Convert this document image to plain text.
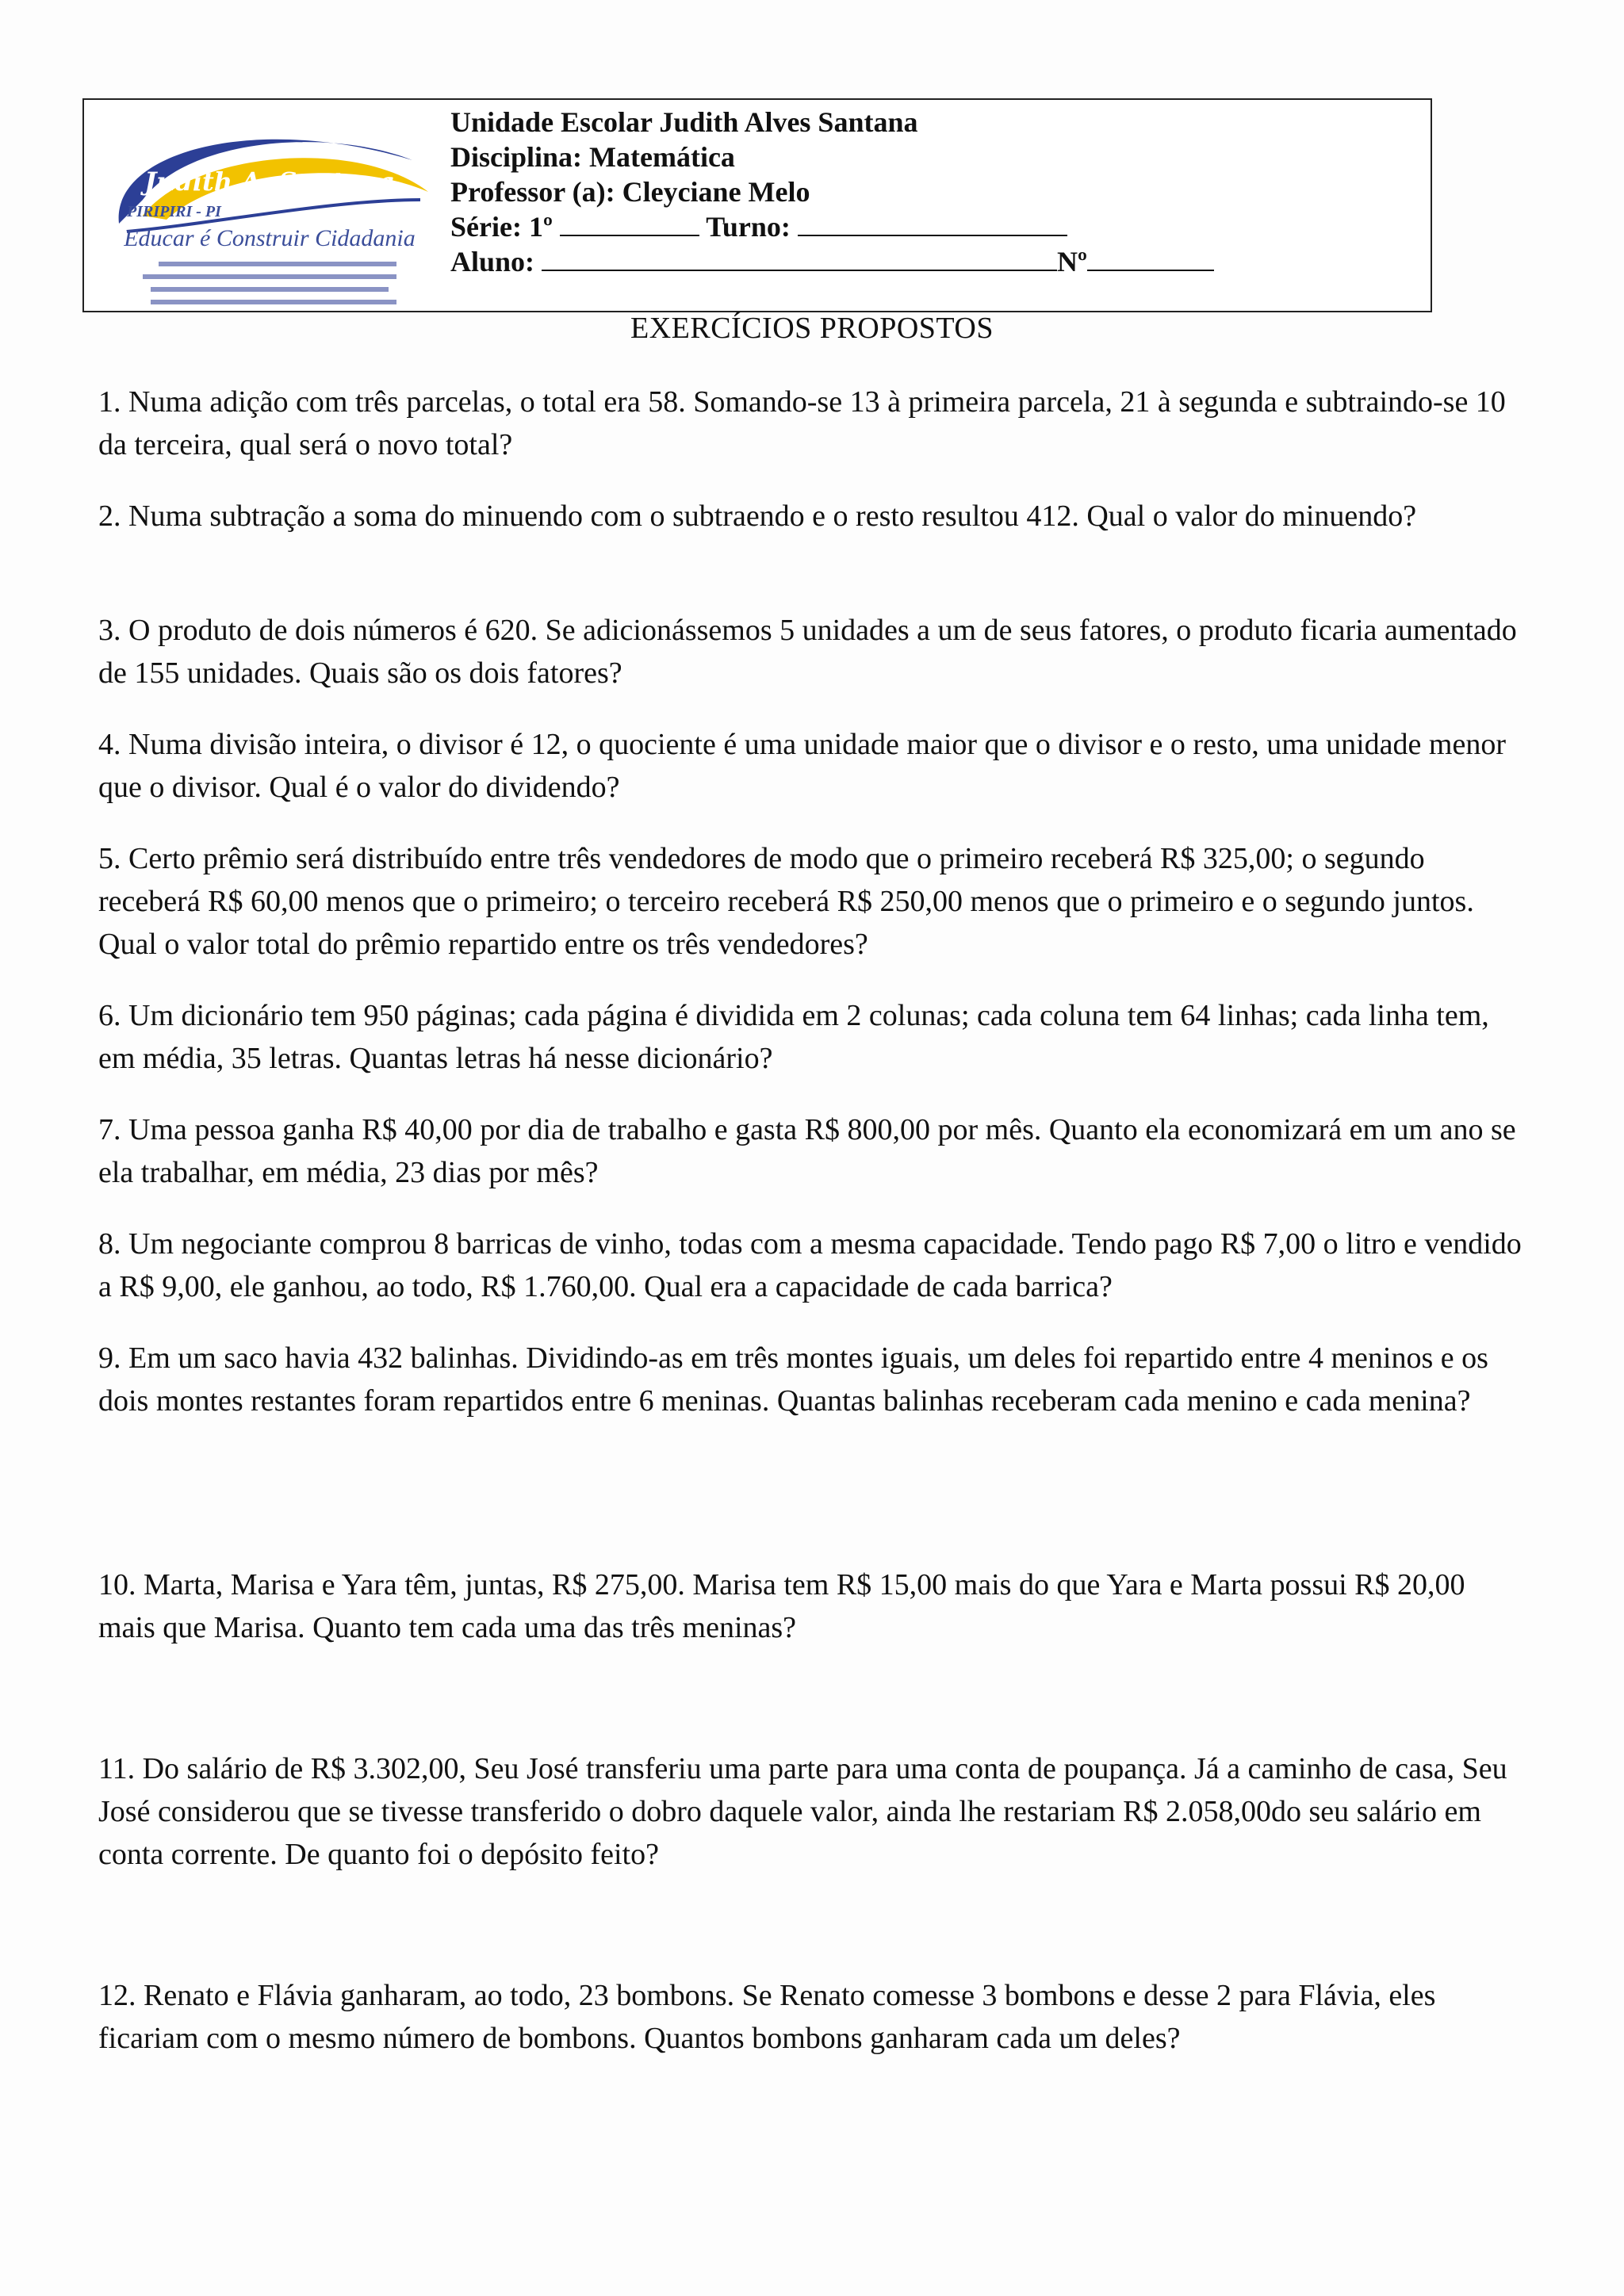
Judith A. Santana
PIRIPIRI - PI
Educar é Construir Cidadania
Unidade Escolar Judith Alves Santana
Disciplina: Matemática
Professor (a): Cleyciane Melo
Série: 1º	Turno:
Aluno:	Nº
EXERCÍCIOS PROPOSTOS
1. Numa adição com três parcelas, o total era 58. Somando-se 13 à primeira parcela, 21 à segunda e subtraindo-se 10 da terceira, qual será o novo total?
2. Numa subtração a soma do minuendo com o subtraendo e o resto resultou 412. Qual o valor do minuendo?
3. O produto de dois números é 620. Se adicionássemos 5 unidades a um de seus fatores, o produto ficaria aumentado de 155 unidades. Quais são os dois fatores?
4. Numa divisão inteira, o divisor é 12, o quociente é uma unidade maior que o divisor e o resto, uma unidade menor que o divisor. Qual é o valor do dividendo?
5. Certo prêmio será distribuído entre três vendedores de modo que o primeiro receberá R$ 325,00; o segundo receberá R$ 60,00 menos que o primeiro; o terceiro receberá R$ 250,00 menos que o primeiro e o segundo juntos. Qual o valor total do prêmio repartido entre os três vendedores?
6. Um dicionário tem 950 páginas; cada página é dividida em 2 colunas; cada coluna tem 64 linhas; cada linha tem, em média, 35 letras. Quantas letras há nesse dicionário?
7. Uma pessoa ganha R$ 40,00 por dia de trabalho e gasta R$ 800,00 por mês. Quanto ela economizará em um ano se ela trabalhar, em média, 23 dias por mês?
8. Um negociante comprou 8 barricas de vinho, todas com a mesma capacidade. Tendo pago R$ 7,00 o litro e vendido a R$ 9,00, ele ganhou, ao todo, R$ 1.760,00. Qual era a capacidade de cada barrica?
9. Em um saco havia 432 balinhas. Dividindo-as em três montes iguais, um deles foi repartido entre 4 meninos e os dois montes restantes foram repartidos entre 6 meninas. Quantas balinhas receberam cada menino e cada menina?
10. Marta, Marisa e Yara têm, juntas, R$ 275,00. Marisa tem R$ 15,00 mais do que Yara e Marta possui R$ 20,00 mais que Marisa. Quanto tem cada uma das três meninas?
11. Do salário de R$ 3.302,00, Seu José transferiu uma parte para uma conta de poupança. Já a caminho de casa, Seu José considerou que se tivesse transferido o dobro daquele valor, ainda lhe restariam R$ 2.058,00do seu salário em conta corrente. De quanto foi o depósito feito?
12. Renato e Flávia ganharam, ao todo, 23 bombons. Se Renato comesse 3 bombons e desse 2 para Flávia, eles ficariam com o mesmo número de bombons. Quantos bombons ganharam cada um deles?
